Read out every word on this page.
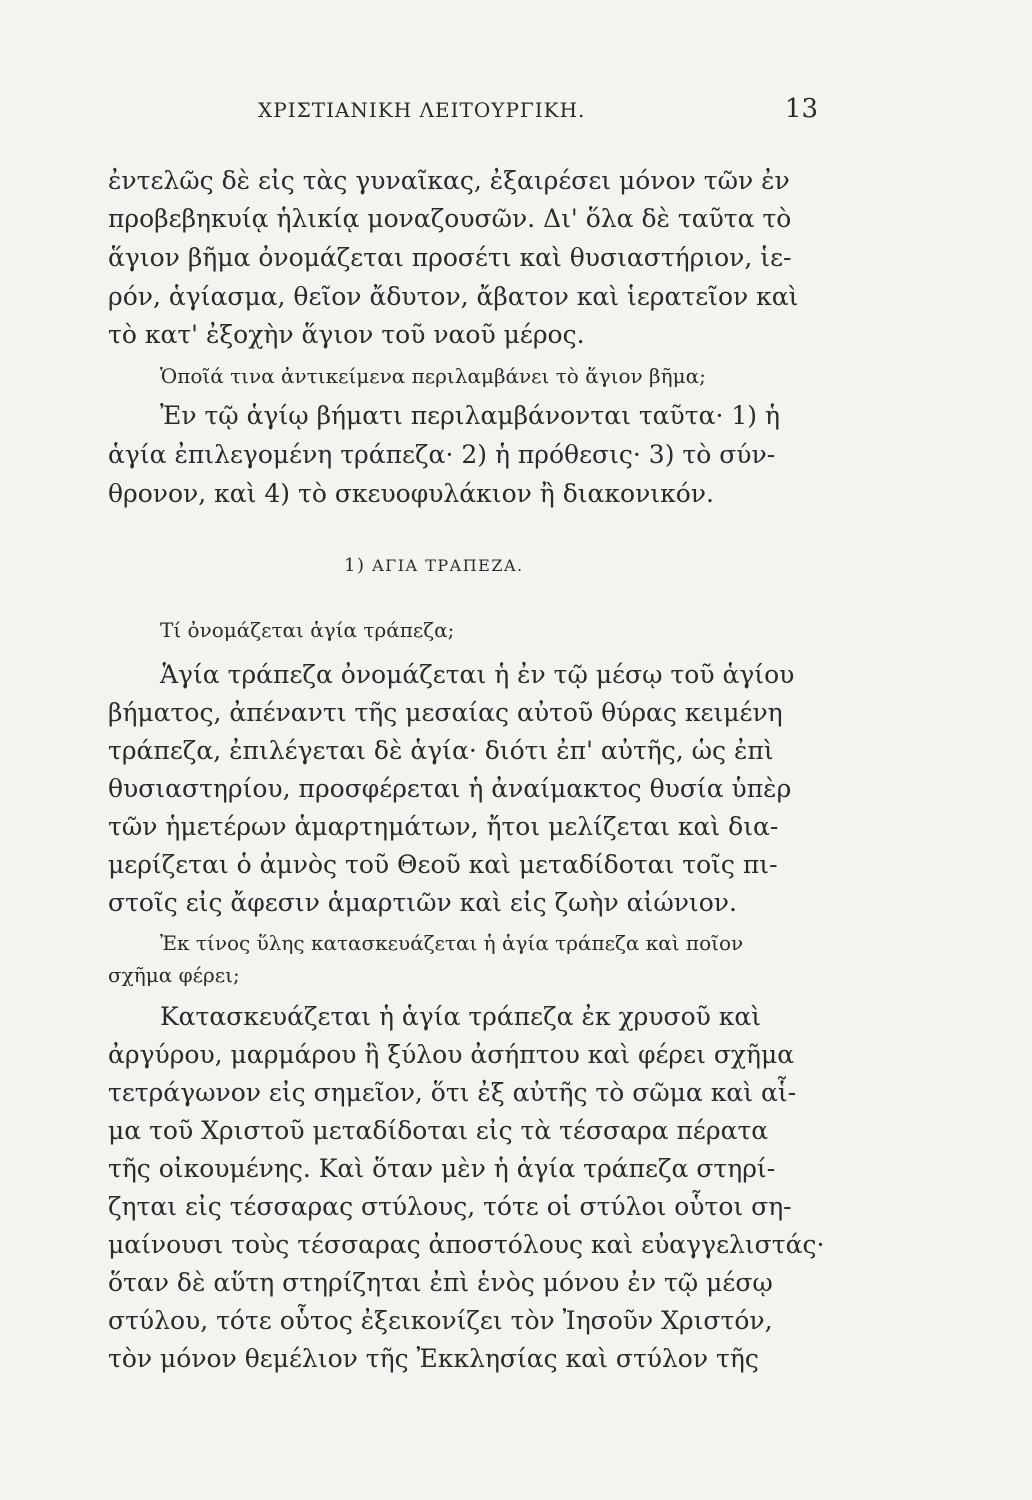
ΧΡΙΣΤΙΑΝΙΚΗ ΛΕΙΤΟΥΡΓΙΚΗ.	13
ἐντελῶς δὲ εἰς τὰς γυναῖκας, ἐξαιρέσει μόνον τῶν ἐν
προβεβηκυίᾳ ἡλικίᾳ μοναζουσῶν. Δι' ὅλα δὲ ταῦτα τὸ
ἅγιον βῆμα ὀνομάζεται προσέτι καὶ θυσιαστήριον, ἱε-
ρόν, ἁγίασμα, θεῖον ἄδυτον, ἄβατον καὶ ἱερατεῖον καὶ
τὸ κατ' ἐξοχὴν ἅγιον τοῦ ναοῦ μέρος.
Ὁποῖά τινα ἀντικείμενα περιλαμβάνει τὸ ἅγιον βῆμα;
Ἐν τῷ ἁγίῳ βήματι περιλαμβάνονται ταῦτα· 1) ἡ
ἁγία ἐπιλεγομένη τράπεζα· 2) ἡ πρόθεσις· 3) τὸ σύν-
θρονον, καὶ 4) τὸ σκευοφυλάκιον ἢ διακονικόν.
1) ΑΓΙΑ ΤΡΑΠΕΖΑ.
Τί ὀνομάζεται ἁγία τράπεζα;
Ἁγία τράπεζα ὀνομάζεται ἡ ἐν τῷ μέσῳ τοῦ ἁγίου
βήματος, ἀπέναντι τῆς μεσαίας αὐτοῦ θύρας κειμένη
τράπεζα, ἐπιλέγεται δὲ ἁγία· διότι ἐπ' αὐτῆς, ὡς ἐπὶ
θυσιαστηρίου, προσφέρεται ἡ ἀναίμακτος θυσία ὑπὲρ
τῶν ἡμετέρων ἁμαρτημάτων, ἤτοι μελίζεται καὶ δια-
μερίζεται ὁ ἀμνὸς τοῦ Θεοῦ καὶ μεταδίδοται τοῖς πι-
στοῖς εἰς ἄφεσιν ἁμαρτιῶν καὶ εἰς ζωὴν αἰώνιον.
Ἐκ τίνος ὕλης κατασκευάζεται ἡ ἁγία τράπεζα καὶ ποῖον
σχῆμα φέρει;
Κατασκευάζεται ἡ ἁγία τράπεζα ἐκ χρυσοῦ καὶ
ἀργύρου, μαρμάρου ἢ ξύλου ἀσήπτου καὶ φέρει σχῆμα
τετράγωνον εἰς σημεῖον, ὅτι ἐξ αὐτῆς τὸ σῶμα καὶ αἷ-
μα τοῦ Χριστοῦ μεταδίδοται εἰς τὰ τέσσαρα πέρατα
τῆς οἰκουμένης. Καὶ ὅταν μὲν ἡ ἁγία τράπεζα στηρί-
ζηται εἰς τέσσαρας στύλους, τότε οἱ στύλοι οὗτοι ση-
μαίνουσι τοὺς τέσσαρας ἀποστόλους καὶ εὐαγγελιστάς·
ὅταν δὲ αὕτη στηρίζηται ἐπὶ ἑνὸς μόνου ἐν τῷ μέσῳ
στύλου, τότε οὗτος ἐξεικονίζει τὸν Ἰησοῦν Χριστόν,
τὸν μόνον θεμέλιον τῆς Ἐκκλησίας καὶ στύλον τῆς
